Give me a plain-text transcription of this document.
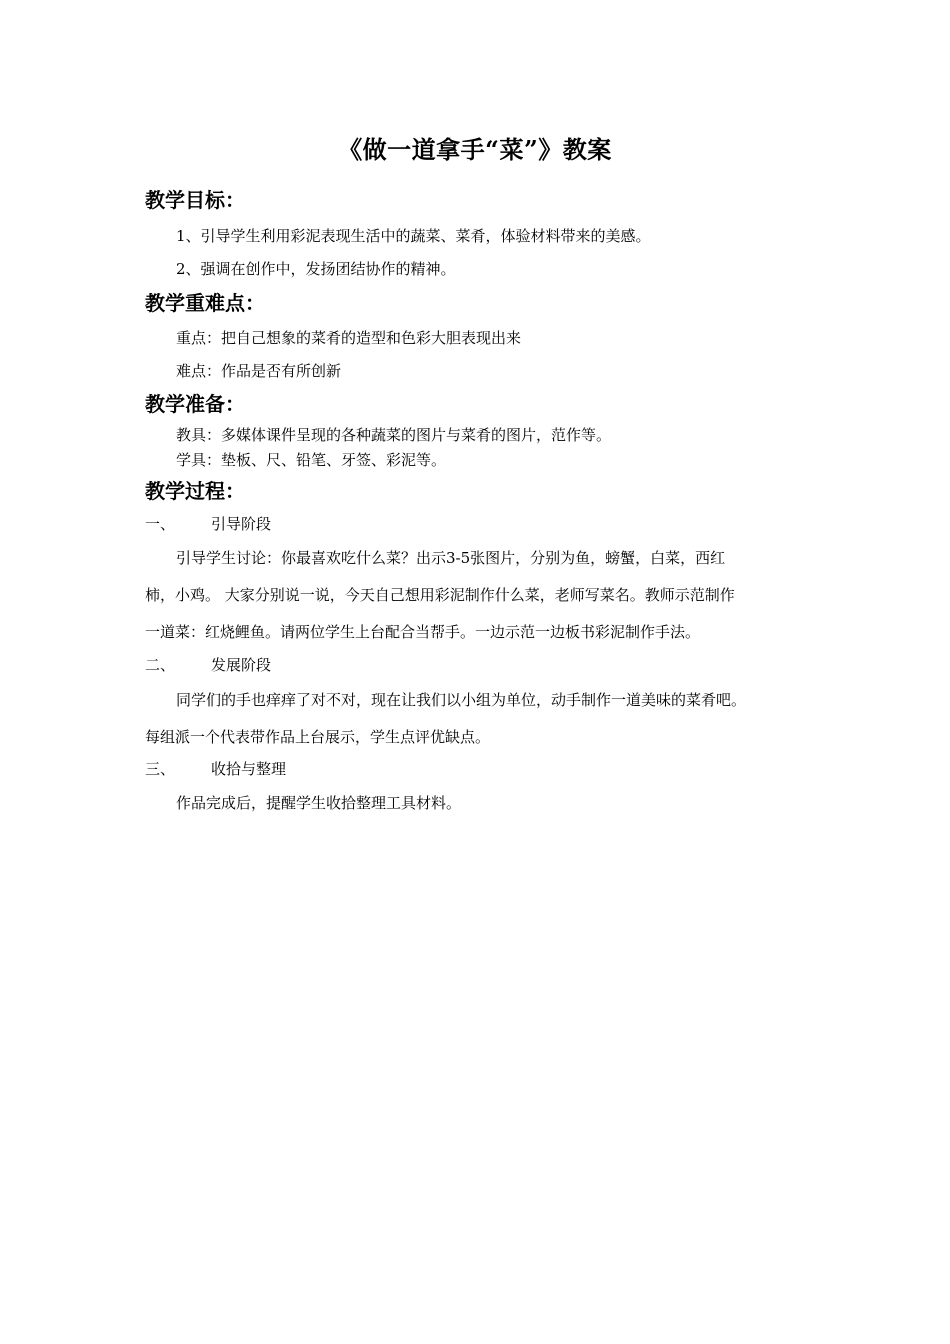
《做一道拿手“菜”》教案
教学目标：
1、引导学生利用彩泥表现生活中的蔬菜、菜肴，体验材料带来的美感。
2、强调在创作中，发扬团结协作的精神。
教学重难点：
重点：把自己想象的菜肴的造型和色彩大胆表现出来
难点：作品是否有所创新
教学准备：
教具：多媒体课件呈现的各种蔬菜的图片与菜肴的图片，范作等。
学具：垫板、尺、铅笔、牙签、彩泥等。
教学过程：
一、 引导阶段
引导学生讨论：你最喜欢吃什么菜？出示3-5张图片，分别为鱼，螃蟹，白菜，西红
柿，小鸡。 大家分别说一说，今天自己想用彩泥制作什么菜，老师写菜名。教师示范制作
一道菜：红烧鲤鱼。请两位学生上台配合当帮手。一边示范一边板书彩泥制作手法。
二、 发展阶段
同学们的手也痒痒了对不对，现在让我们以小组为单位，动手制作一道美味的菜肴吧。
每组派一个代表带作品上台展示，学生点评优缺点。
三、 收拾与整理
作品完成后，提醒学生收拾整理工具材料。
